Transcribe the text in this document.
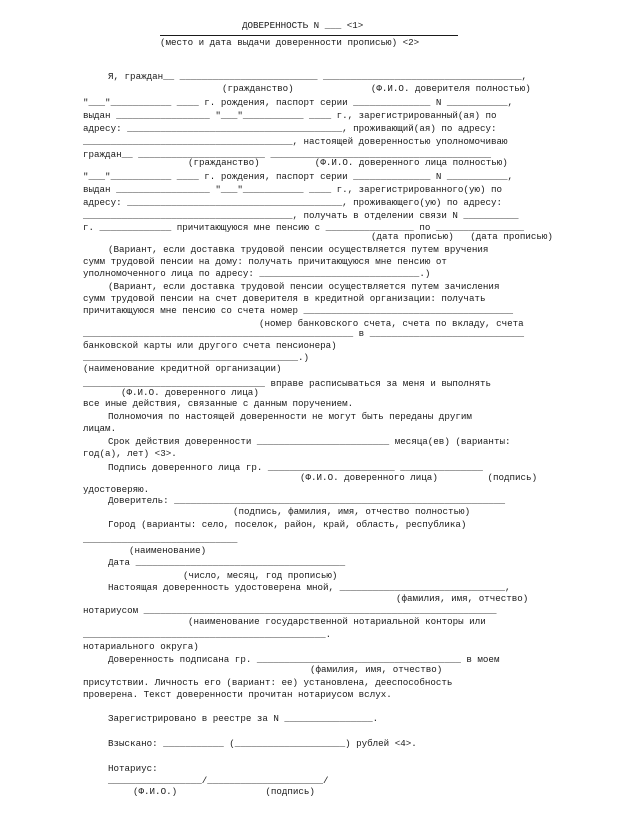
ДОВЕРЕННОСТЬ N ___ <1>
(место и дата выдачи доверенности прописью) <2>
Я, граждан__ _________________________ ____________________________________,
(гражданство)              (Ф.И.О. доверителя полностью)
"___"___________ ____ г. рождения, паспорт серии ______________ N ___________,
выдан _________________ "___"___________ ____ г., зарегистрированный(ая) по
адресу: _______________________________________, проживающий(ая) по адресу:
______________________________________, настоящей доверенностью уполномочиваю
граждан__ _______________________ ________________________________________
(гражданство)          (Ф.И.О. доверенного лица полностью)
"___"___________ ____ г. рождения, паспорт серии ______________ N ___________,
выдан _________________ "___"___________ ____ г., зарегистрированного(ую) по
адресу: _______________________________________, проживающего(ую) по адресу:
______________________________________, получать в отделении связи N __________
г. _____________ причитающуюся мне пенсию с ________________ по ________________
(дата прописью)   (дата прописью)
(Вариант, если доставка трудовой пенсии осуществляется путем вручения
сумм трудовой пенсии на дому: получать причитающуюся мне пенсию от
уполномоченного лица по адресу: _____________________________.)
(Вариант, если доставка трудовой пенсии осуществляется путем зачисления
сумм трудовой пенсии на счет доверителя в кредитной организации: получать
причитающуюся мне пенсию со счета номер ______________________________________
(номер банковского счета, счета по вкладу, счета
_________________________________________________ в ____________________________
банковской карты или другого счета пенсионера)
_______________________________________.)
(наименование кредитной организации)
_________________________________ вправе расписываться за меня и выполнять
(Ф.И.О. доверенного лица)
все иные действия, связанные с данным поручением.
Полномочия по настоящей доверенности не могут быть переданы другим
лицам.
Срок действия доверенности ________________________ месяца(ев) (варианты:
год(а), лет) <3>.
Подпись доверенного лица гр. _______________________ _______________
(Ф.И.О. доверенного лица)         (подпись)
удостоверяю.
Доверитель: ____________________________________________________________
(подпись, фамилия, имя, отчество полностью)
Город (варианты: село, поселок, район, край, область, республика)
____________________________
(наименование)
Дата ______________________________________
(число, месяц, год прописью)
Настоящая доверенность удостоверена мной, ______________________________,
(фамилия, имя, отчество)
нотариусом ________________________________________________________________
(наименование государственной нотариальной конторы или
____________________________________________.
нотариального округа)
Доверенность подписана гр. _____________________________________ в моем
(фамилия, имя, отчество)
присутствии. Личность его (вариант: ее) установлена, дееспособность
проверена. Текст доверенности прочитан нотариусом вслух.
Зарегистрировано в реестре за N ________________.
Взыскано: ___________ (____________________) рублей <4>.
Нотариус:
_________________/_____________________/
(Ф.И.О.)                (подпись)
